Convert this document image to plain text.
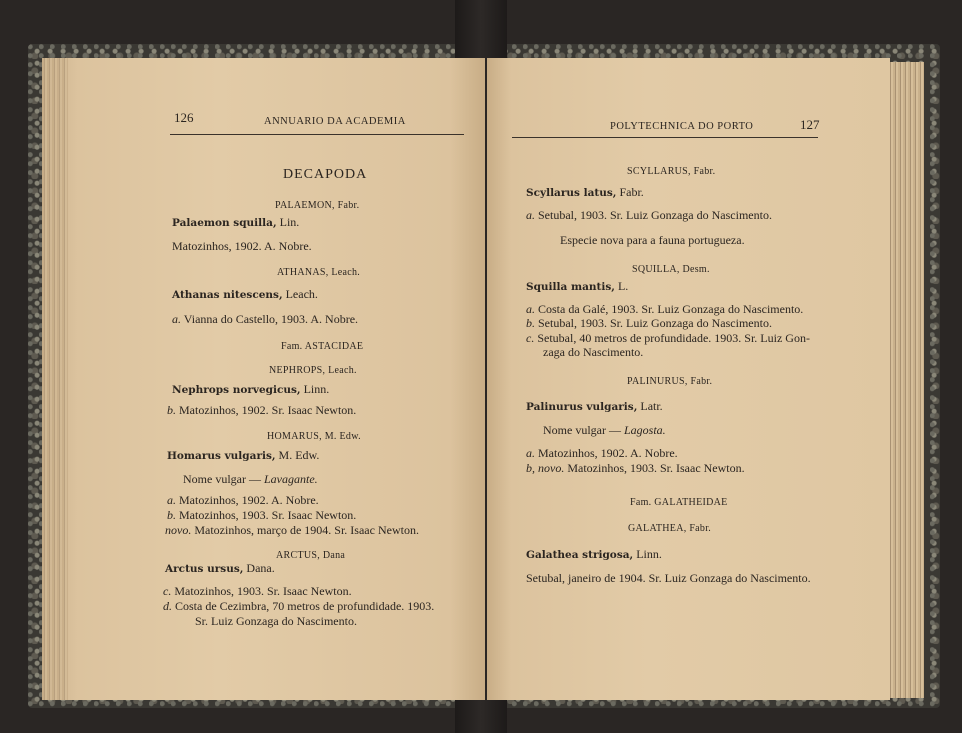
126	ANNUARIO DA ACADEMIA
DECAPODA
PALAEMON, Fabr.
Palaemon squilla, Lin.
Matozinhos, 1902. A. Nobre.
ATHANAS, Leach.
Athanas nitescens, Leach.
a. Vianna do Castello, 1903. A. Nobre.
Fam. ASTACIDAE
NEPHROPS, Leach.
Nephrops norvegicus, Linn.
b. Matozinhos, 1902. Sr. Isaac Newton.
HOMARUS, M. Edw.
Homarus vulgaris, M. Edw.
Nome vulgar — Lavagante.
a. Matozinhos, 1902. A. Nobre.
b. Matozinhos, 1903. Sr. Isaac Newton.
novo. Matozinhos, março de 1904. Sr. Isaac Newton.
ARCTUS, Dana
Arctus ursus, Dana.
c. Matozinhos, 1903. Sr. Isaac Newton.
d. Costa de Cezimbra, 70 metros de profundidade. 1903.
Sr. Luiz Gonzaga do Nascimento.
POLYTECHNICA DO PORTO	127
SCYLLARUS, Fabr.
Scyllarus latus, Fabr.
a. Setubal, 1903. Sr. Luiz Gonzaga do Nascimento.
Especie nova para a fauna portugueza.
SQUILLA, Desm.
Squilla mantis, L.
a. Costa da Galé, 1903. Sr. Luiz Gonzaga do Nascimento.
b. Setubal, 1903. Sr. Luiz Gonzaga do Nascimento.
c. Setubal, 40 metros de profundidade. 1903. Sr. Luiz Gon-
zaga do Nascimento.
PALINURUS, Fabr.
Palinurus vulgaris, Latr.
Nome vulgar — Lagosta.
a. Matozinhos, 1902. A. Nobre.
b, novo. Matozinhos, 1903. Sr. Isaac Newton.
Fam. GALATHEIDAE
GALATHEA, Fabr.
Galathea strigosa, Linn.
Setubal, janeiro de 1904. Sr. Luiz Gonzaga do Nascimento.
